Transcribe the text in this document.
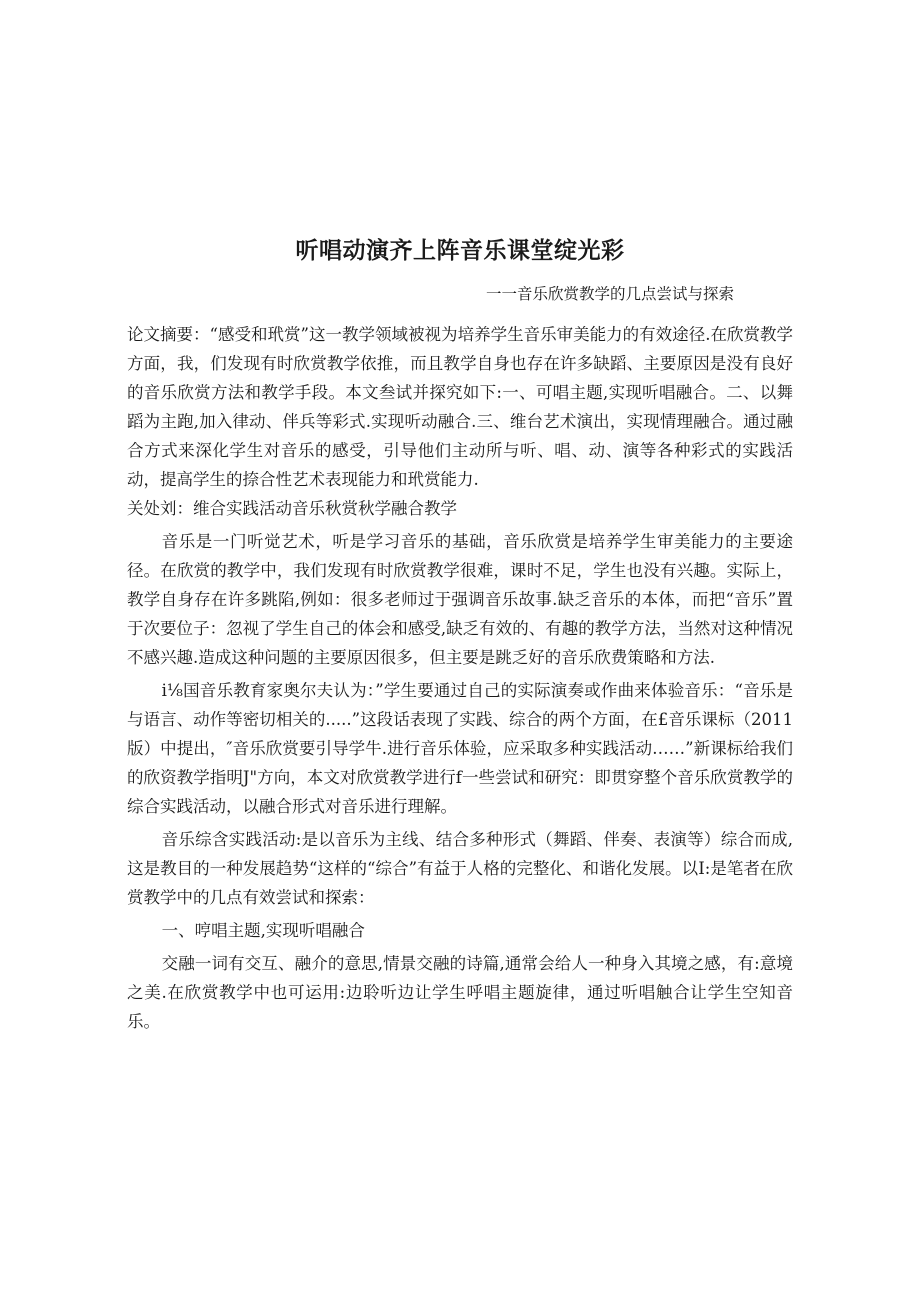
听唱动演齐上阵音乐课堂绽光彩

一一音乐欣赏教学的几点尝试与探索

论文摘要：“感受和玳赏”这一教学领域被视为培养学生音乐审美能力的有效途径.在欣赏教学方面，我，们发现有时欣赏教学依推，而且教学自身也存在许多缺蹈、主要原因是没有良好的音乐欣赏方法和教学手段。本文叁试并探究如下:一、可唱主题,实现听唱融合。二、以舞蹈为主跑,加入律动、伴兵等彩式.实现听动融合.三、维台艺术演出，实现情理融合。通过融合方式来深化学生对音乐的感受，引导他们主动所与听、唱、动、演等各种彩式的实践活动，提高学生的捺合性艺术表现能力和玳赏能力.

关处刘：维合实践活动音乐秋赏秋学融合教学

音乐是一门听觉艺术，听是学习音乐的基础，音乐欣赏是培养学生审美能力的主要途径。在欣赏的教学中，我们发现有时欣赏教学很难，课时不足，学生也没有兴趣。实际上，教学自身存在许多跳陷,例如：很多老师过于强调音乐故事.缺乏音乐的本体，而把“音乐”置于次要位子：忽视了学生自己的体会和感受,缺乏有效的、有趣的教学方法，当然对这种情况不感兴趣.造成这种问题的主要原因很多，但主要是跳乏好的音乐欣费策略和方法.

i⅛国音乐教育家奥尔夫认为：”学生要通过自己的实际演奏或作曲来体验音乐：“音乐是与语言、动作等密切相关的.....”这段话表现了实践、综合的两个方面，在£音乐课标（2011版）中提出，″音乐欣赏要引导学牛.进行音乐体验，应采取多种实践活动……”新课标给我们的欣资教学指明J"方向，本文对欣赏教学进行f一些尝试和研究：即贯穿整个音乐欣赏教学的综合实践活动，以融合形式对音乐进行理解。

音乐综含实践活动:是以音乐为主线、结合多种形式（舞蹈、伴奏、表演等）综合而成,这是教目的一种发展趋势“这样的“综合”有益于人格的完整化、和谐化发展。以I:是笔者在欣赏教学中的几点有效尝试和探索：

一、哼唱主题,实现听唱融合

交融一词有交互、融介的意思,情景交融的诗篇,通常会给人一种身入其境之感，有:意境之美.在欣赏教学中也可运用:边聆听边让学生呼唱主题旋律，通过听唱触合让学生空知音乐。
